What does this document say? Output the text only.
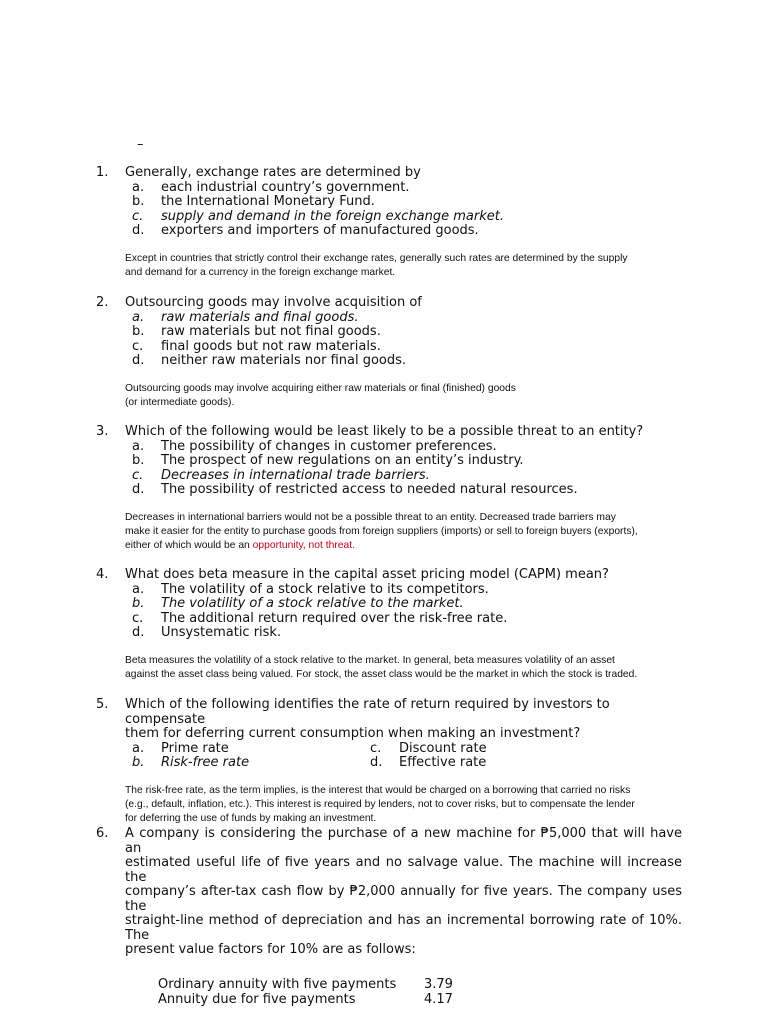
–
1.	Generally, exchange rates are determined by
a.	each industrial country’s government.
b.	the International Monetary Fund.
c.	supply and demand in the foreign exchange market.
d.	exporters and importers of manufactured goods.
Except in countries that strictly control their exchange rates, generally such rates are determined by the supply
and demand for a currency in the foreign exchange market.
2.	Outsourcing goods may involve acquisition of
a.	raw materials and final goods.
b.	raw materials but not final goods.
c.	final goods but not raw materials.
d.	neither raw materials nor final goods.
Outsourcing goods may involve acquiring either raw materials or final (finished) goods
(or intermediate goods).
3.	Which of the following would be least likely to be a possible threat to an entity?
a.	The possibility of changes in customer preferences.
b.	The prospect of new regulations on an entity’s industry.
c.	Decreases in international trade barriers.
d.	The possibility of restricted access to needed natural resources.
Decreases in international barriers would not be a possible threat to an entity. Decreased trade barriers may
make it easier for the entity to purchase goods from foreign suppliers (imports) or sell to foreign buyers (exports),
either of which would be an opportunity, not threat.
4.	What does beta measure in the capital asset pricing model (CAPM) mean?
a.	The volatility of a stock relative to its competitors.
b.	The volatility of a stock relative to the market.
c.	The additional return required over the risk-free rate.
d.	Unsystematic risk.
Beta measures the volatility of a stock relative to the market. In general, beta measures volatility of an asset
against the asset class being valued. For stock, the asset class would be the market in which the stock is traded.
5.	Which of the following identifies the rate of return required by investors to compensate
them for deferring current consumption when making an investment?
a.	Prime rate	c.	Discount rate
b.	Risk-free rate	d.	Effective rate
The risk-free rate, as the term implies, is the interest that would be charged on a borrowing that carried no risks
(e.g., default, inflation, etc.). This interest is required by lenders, not to cover risks, but to compensate the lender
for deferring the use of funds by making an investment.
6.	A company is considering the purchase of a new machine for ₱5,000 that will have an
estimated useful life of five years and no salvage value. The machine will increase the
company’s after-tax cash flow by ₱2,000 annually for five years. The company uses the
straight-line method of depreciation and has an incremental borrowing rate of 10%. The
present value factors for 10% are as follows:
Ordinary annuity with five payments	3.79
Annuity due for five payments	4.17
